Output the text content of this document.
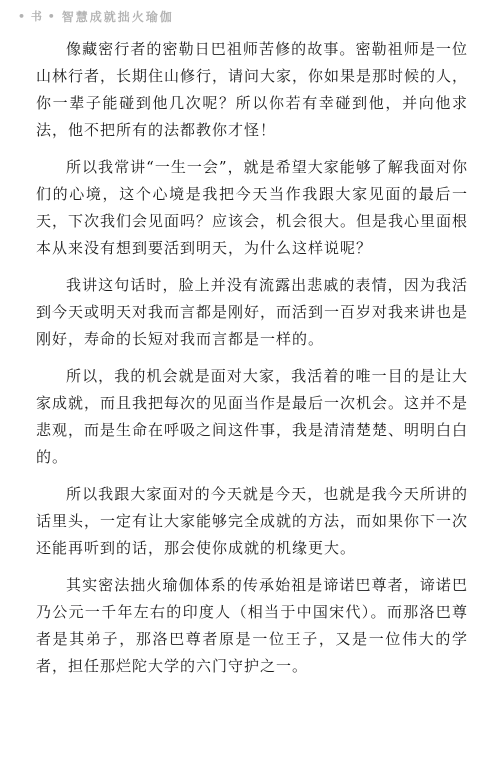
• 书 • 智慧成就拙火瑜伽

像藏密行者的密勒日巴祖师苦修的故事。密勒祖师是一位山林行者，长期住山修行，请问大家，你如果是那时候的人，你一辈子能碰到他几次呢？所以你若有幸碰到他，并向他求法，他不把所有的法都教你才怪！

所以我常讲“一生一会”，就是希望大家能够了解我面对你们的心境，这个心境是我把今天当作我跟大家见面的最后一天，下次我们会见面吗？应该会，机会很大。但是我心里面根本从来没有想到要活到明天，为什么这样说呢？

我讲这句话时，脸上并没有流露出悲戚的表情，因为我活到今天或明天对我而言都是刚好，而活到一百岁对我来讲也是刚好，寿命的长短对我而言都是一样的。

所以，我的机会就是面对大家，我活着的唯一目的是让大家成就，而且我把每次的见面当作是最后一次机会。这并不是悲观，而是生命在呼吸之间这件事，我是清清楚楚、明明白白的。

所以我跟大家面对的今天就是今天，也就是我今天所讲的话里头，一定有让大家能够完全成就的方法，而如果你下一次还能再听到的话，那会使你成就的机缘更大。

其实密法拙火瑜伽体系的传承始祖是谛诺巴尊者，谛诺巴乃公元一千年左右的印度人（相当于中国宋代）。而那洛巴尊者是其弟子，那洛巴尊者原是一位王子，又是一位伟大的学者，担任那烂陀大学的六门守护之一。
